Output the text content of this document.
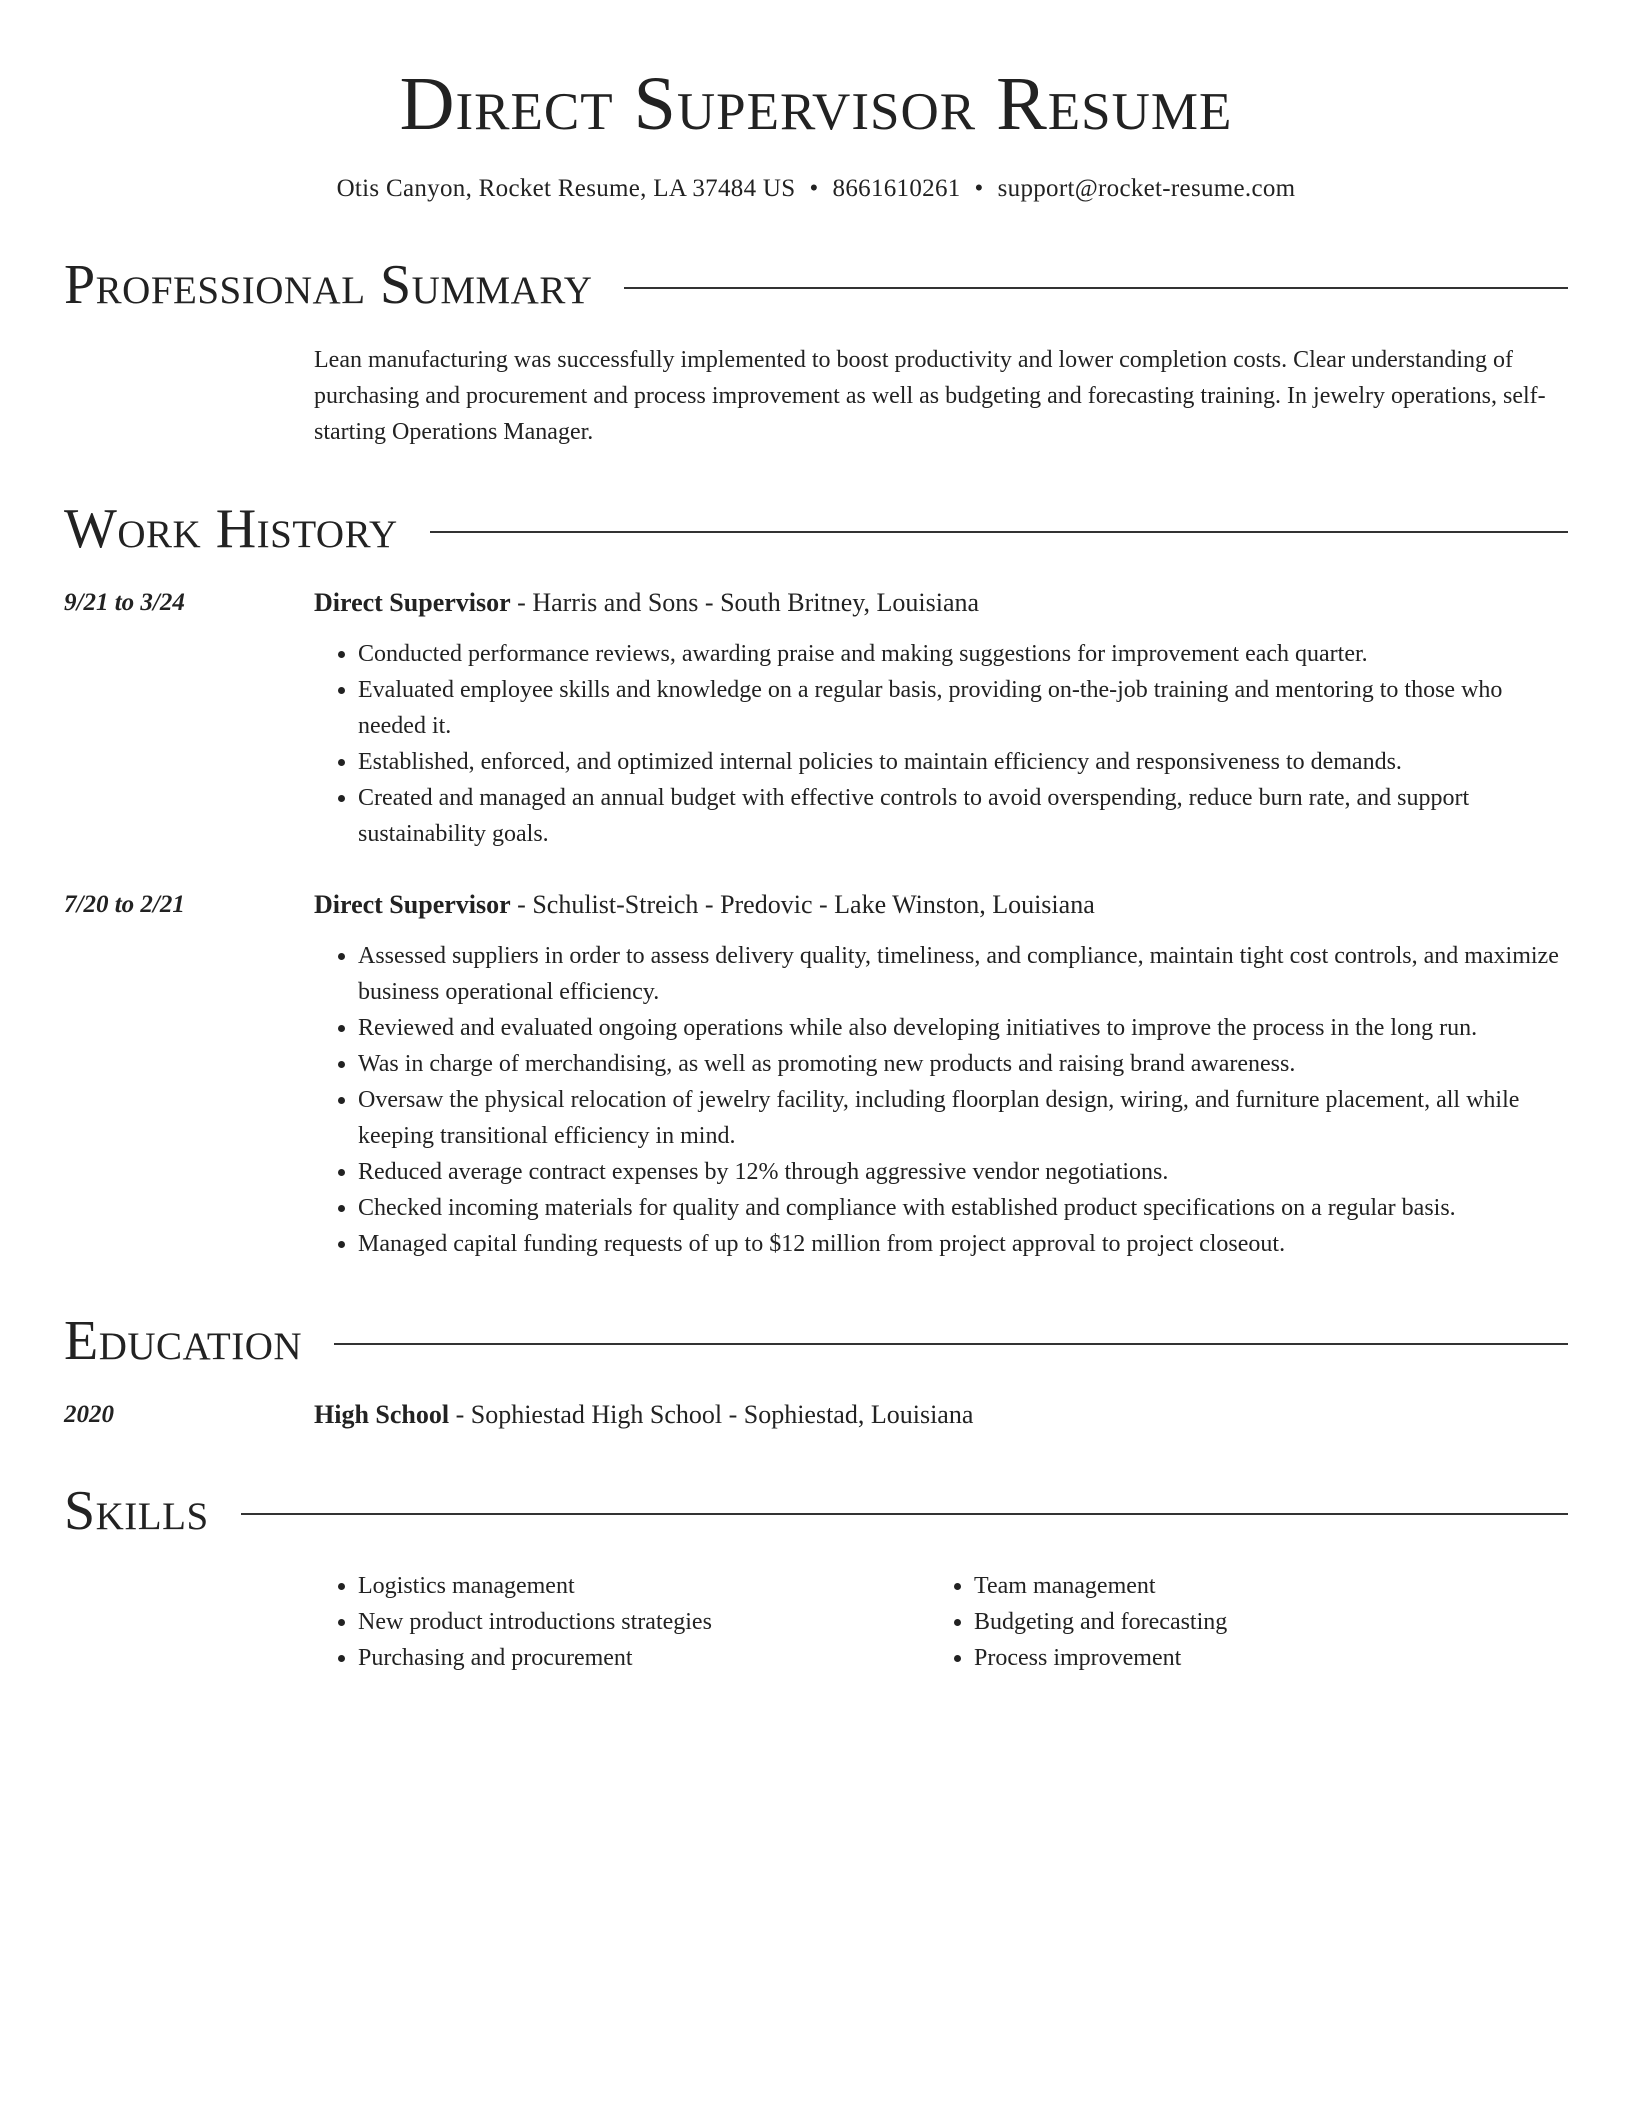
Direct Supervisor Resume
Otis Canyon, Rocket Resume, LA 37484 US • 8661610261 • support@rocket-resume.com
Professional Summary
Lean manufacturing was successfully implemented to boost productivity and lower completion costs. Clear understanding of purchasing and procurement and process improvement as well as budgeting and forecasting training. In jewelry operations, self-starting Operations Manager.
Work History
9/21 to 3/24	Direct Supervisor - Harris and Sons - South Britney, Louisiana
• Conducted performance reviews, awarding praise and making suggestions for improvement each quarter.
• Evaluated employee skills and knowledge on a regular basis, providing on-the-job training and mentoring to those who needed it.
• Established, enforced, and optimized internal policies to maintain efficiency and responsiveness to demands.
• Created and managed an annual budget with effective controls to avoid overspending, reduce burn rate, and support sustainability goals.
7/20 to 2/21	Direct Supervisor - Schulist-Streich - Predovic - Lake Winston, Louisiana
• Assessed suppliers in order to assess delivery quality, timeliness, and compliance, maintain tight cost controls, and maximize business operational efficiency.
• Reviewed and evaluated ongoing operations while also developing initiatives to improve the process in the long run.
• Was in charge of merchandising, as well as promoting new products and raising brand awareness.
• Oversaw the physical relocation of jewelry facility, including floorplan design, wiring, and furniture placement, all while keeping transitional efficiency in mind.
• Reduced average contract expenses by 12% through aggressive vendor negotiations.
• Checked incoming materials for quality and compliance with established product specifications on a regular basis.
• Managed capital funding requests of up to $12 million from project approval to project closeout.
Education
2020	High School - Sophiestad High School - Sophiestad, Louisiana
Skills
• Logistics management
• New product introductions strategies
• Purchasing and procurement
• Team management
• Budgeting and forecasting
• Process improvement
